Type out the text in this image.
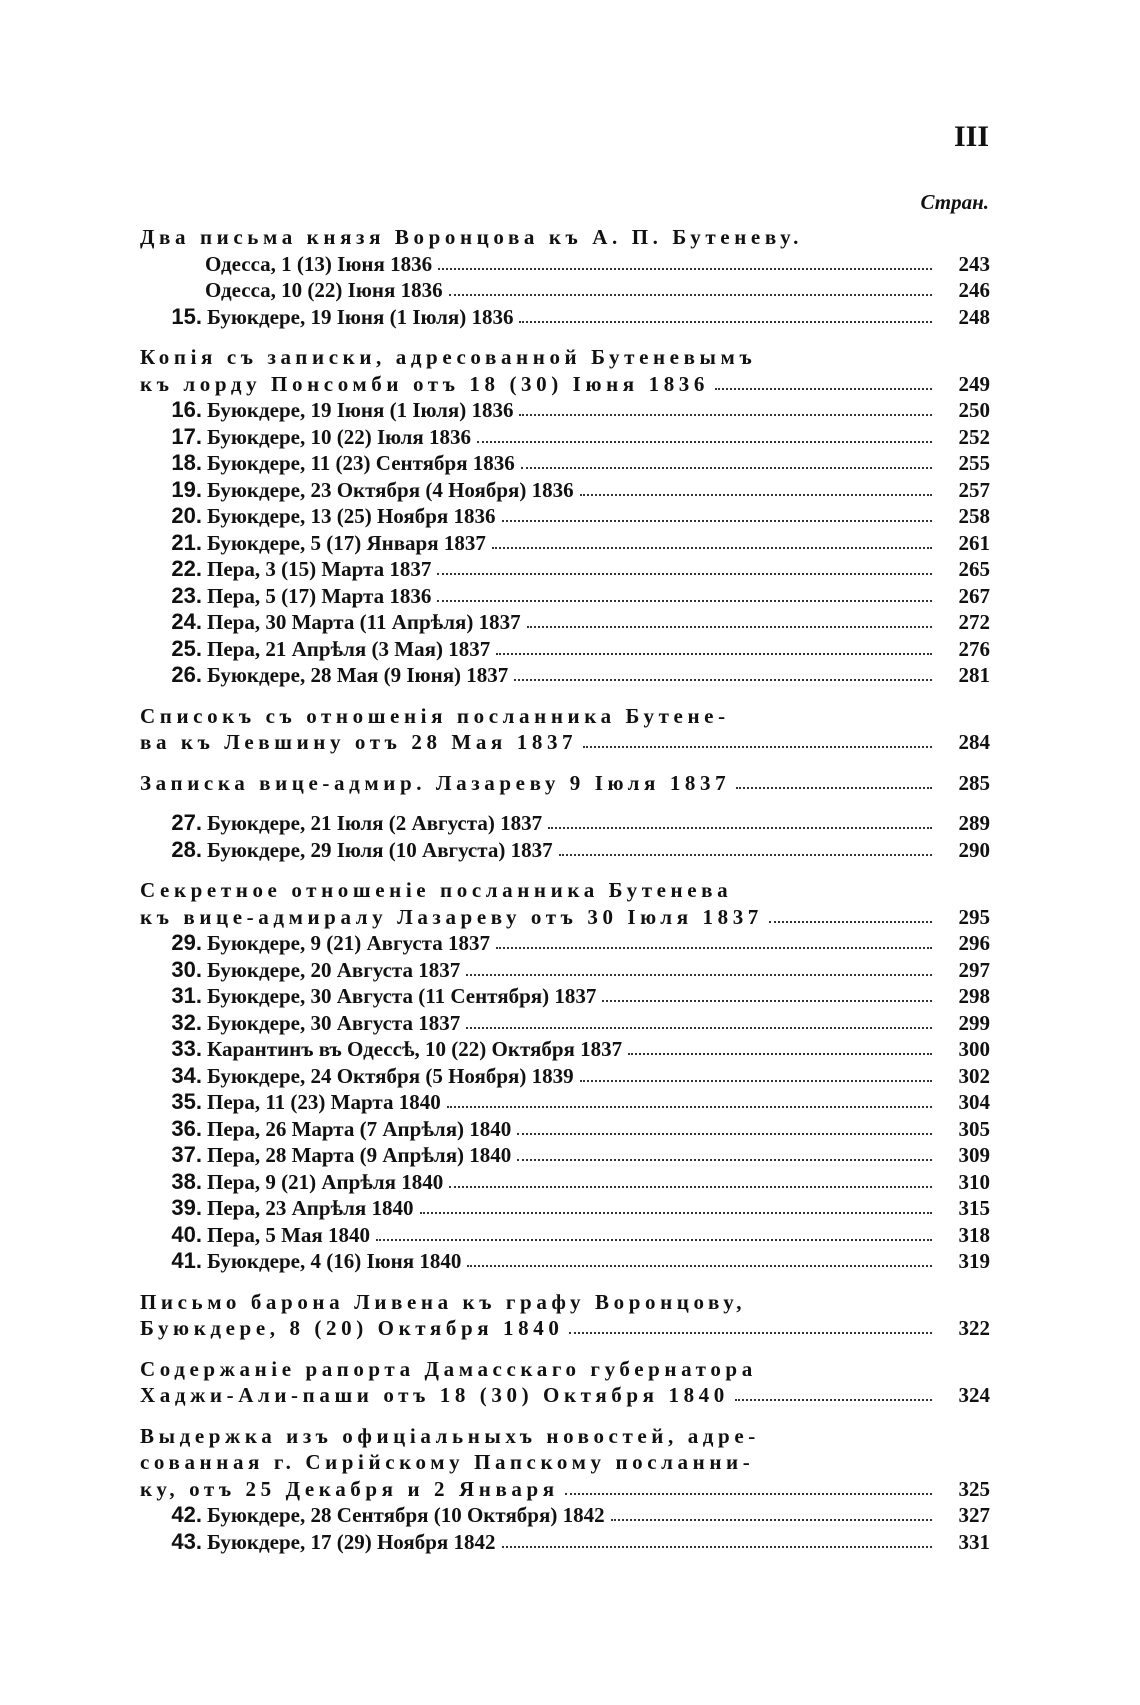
III
Стран.
Два письма князя Воронцова къ А. П. Бутеневу.
Одесса, 1 (13) Іюня 1836	243
Одесса, 10 (22) Іюня 1836	246
15. Буюкдере, 19 Іюня (1 Іюля) 1836	248
Копія съ записки, адресованной Бутеневымъ
къ лорду Понсомби отъ 18 (30) Іюня 1836	249
16. Буюкдере, 19 Іюня (1 Іюля) 1836	250
17. Буюкдере, 10 (22) Іюля 1836	252
18. Буюкдере, 11 (23) Сентября 1836	255
19. Буюкдере, 23 Октября (4 Ноября) 1836	257
20. Буюкдере, 13 (25) Ноября 1836	258
21. Буюкдере, 5 (17) Января 1837	261
22. Пера, 3 (15) Марта 1837	265
23. Пера, 5 (17) Марта 1836	267
24. Пера, 30 Марта (11 Апрѣля) 1837	272
25. Пера, 21 Апрѣля (3 Мая) 1837	276
26. Буюкдере, 28 Мая (9 Іюня) 1837	281
Списокъ съ отношенія посланника Бутене-
ва къ Левшину отъ 28 Мая 1837	284
Записка вице-адмир. Лазареву 9 Іюля 1837	285
27. Буюкдере, 21 Іюля (2 Августа) 1837	289
28. Буюкдере, 29 Іюля (10 Августа) 1837	290
Секретное отношеніе посланника Бутенева
къ вице-адмиралу Лазареву отъ 30 Іюля 1837	295
29. Буюкдере, 9 (21) Августа 1837	296
30. Буюкдере, 20 Августа 1837	297
31. Буюкдере, 30 Августа (11 Сентября) 1837	298
32. Буюкдере, 30 Августа 1837	299
33. Карантинъ въ Одессѣ, 10 (22) Октября 1837	300
34. Буюкдере, 24 Октября (5 Ноября) 1839	302
35. Пера, 11 (23) Марта 1840	304
36. Пера, 26 Марта (7 Апрѣля) 1840	305
37. Пера, 28 Марта (9 Апрѣля) 1840	309
38. Пера, 9 (21) Апрѣля 1840	310
39. Пера, 23 Апрѣля 1840	315
40. Пера, 5 Мая 1840	318
41. Буюкдере, 4 (16) Іюня 1840	319
Письмо барона Ливена къ графу Воронцову,
Буюкдере, 8 (20) Октября 1840	322
Содержаніе рапорта Дамасскаго губернатора
Хаджи-Али-паши отъ 18 (30) Октября 1840	324
Выдержка изъ офиціальныхъ новостей, адре-
сованная г. Сирійскому Папскому посланни-
ку, отъ 25 Декабря и 2 Января	325
42. Буюкдере, 28 Сентября (10 Октября) 1842	327
43. Буюкдере, 17 (29) Ноября 1842	331
